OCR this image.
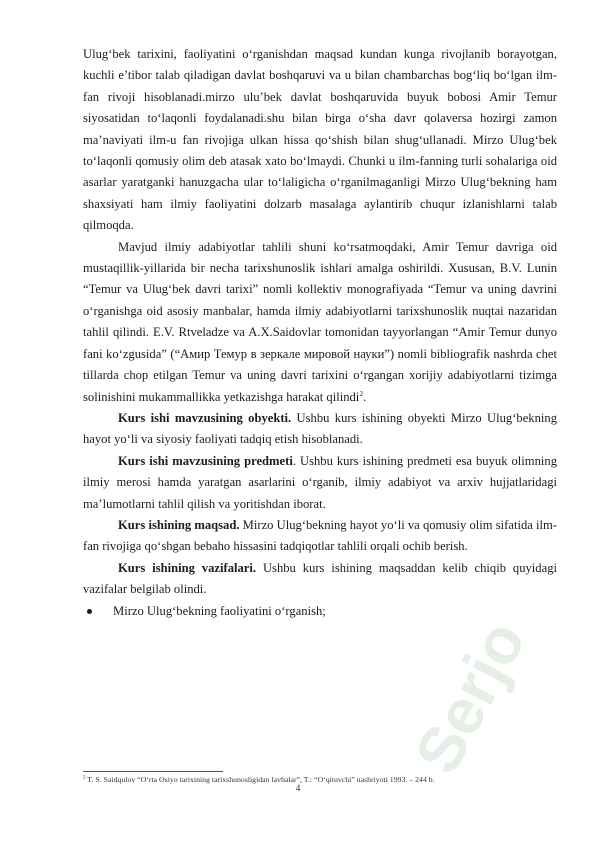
Serjo

Ulug‘bek tarixini, faoliyatini o‘rganishdan maqsad kundan kunga rivojlanib borayotgan, kuchli e’tibor talab qiladigan davlat boshqaruvi va u bilan chambarchas bog‘liq bo‘lgan ilm-fan rivoji hisoblanadi.mirzo ulu’bek davlat boshqaruvida buyuk bobosi Amir Temur siyosatidan to‘laqonli foydalanadi.shu bilan birga o‘sha davr qolaversa hozirgi zamon ma’naviyati ilm-u fan rivojiga ulkan hissa qo‘shish bilan shug‘ullanadi. Mirzo Ulug‘bek to‘laqonli qomusiy olim deb atasak xato bo‘lmaydi. Chunki u ilm-fanning turli sohalariga oid asarlar yaratganki hanuzgacha ular to‘laligicha o‘rganilmaganligi Mirzo Ulug‘bekning ham shaxsiyati ham ilmiy faoliyatini dolzarb masalaga aylantirib chuqur izlanishlarni talab qilmoqda.

Mavjud ilmiy adabiyotlar tahlili shuni ko‘rsatmoqdaki, Amir Temur davriga oid mustaqillik-yillarida bir necha tarixshunoslik ishlari amalga oshirildi. Xususan, B.V. Lunin “Temur va Ulug‘bek davri tarixi” nomli kollektiv monografiyada “Temur va uning davrini o‘rganishga oid asosiy manbalar, hamda ilmiy adabiyotlarni tarixshunoslik nuqtai nazaridan tahlil qilindi. E.V. Rtveladze va A.X.Saidovlar tomonidan tayyorlangan “Amir Temur dunyo fani ko‘zgusida” (“Амир Темур в зеркале мировой науки”) nomli bibliografik nashrda chet tillarda chop etilgan Temur va uning davri tarixini o‘rgangan xorijiy adabiyotlarni tizimga solinishini mukammallikka yetkazishga harakat qilindi$^2$.

Kurs ishi mavzusining obyekti. Ushbu kurs ishining obyekti Mirzo Ulug‘bekning hayot yo‘li va siyosiy faoliyati tadqiq etish hisoblanadi.

Kurs ishi mavzusining predmeti. Ushbu kurs ishining predmeti esa buyuk olimning ilmiy merosi hamda yaratgan asarlarini o‘rganib, ilmiy adabiyot va arxiv hujjatlaridagi ma’lumotlarni tahlil qilish va yoritishdan iborat.

Kurs ishining maqsad. Mirzo Ulug‘bekning hayot yo‘li va qomusiy olim sifatida ilm-fan rivojiga qo‘shgan bebaho hissasini tadqiqotlar tahlili orqali ochib berish.

Kurs ishining vazifalari. Ushbu kurs ishining maqsaddan kelib chiqib quyidagi vazifalar belgilab olindi.

Mirzo Ulug‘bekning faoliyatini o‘rganish;
$^2$ T. S. Saidqulov “O‘rta Osiyo tarixining tarixshunosligidan lavhalar”, T.: “O‘qituvchi” nashriyoti 1993. – 244 b.
4
